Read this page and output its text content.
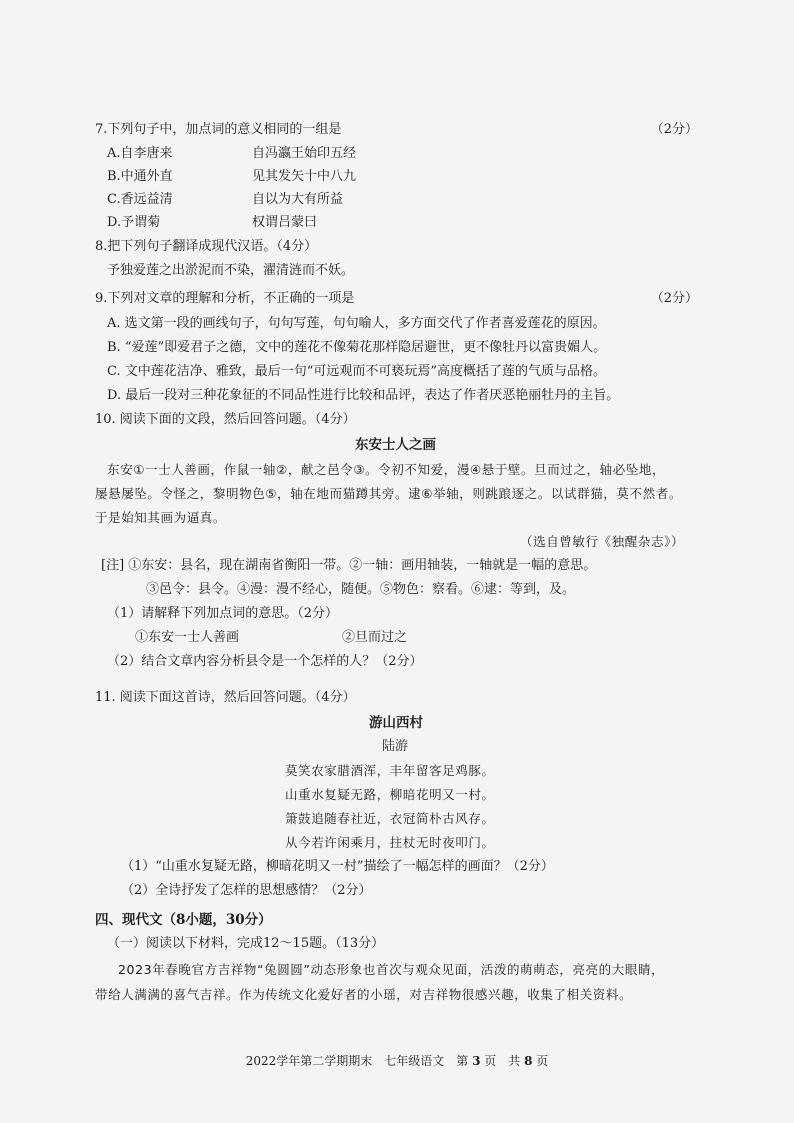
7.下列句子中，加点词的意义相同的一组是	（2分）
A.自李唐来	自冯瀛王始印五经
B.中通外直	见其发矢十中八九
C.香远益清	自以为大有所益
D.予谓菊	权谓吕蒙曰
8.把下列句子翻译成现代汉语。（4分）
予独爱莲之出淤泥而不染，濯清涟而不妖。
9.下列对文章的理解和分析，不正确的一项是	（2分）
A. 选文第一段的画线句子，句句写莲，句句喻人，多方面交代了作者喜爱莲花的原因。
B. “爱莲”即爱君子之德，文中的莲花不像菊花那样隐居避世，更不像牡丹以富贵媚人。
C. 文中莲花洁净、雅致，最后一句“可远观而不可亵玩焉”高度概括了莲的气质与品格。
D. 最后一段对三种花象征的不同品性进行比较和品评，表达了作者厌恶艳丽牡丹的主旨。
10. 阅读下面的文段，然后回答问题。（4分）
东安士人之画
东安①一士人善画，作鼠一轴②，献之邑令③。令初不知爱，漫④悬于壁。旦而过之，轴必坠地，
屡悬屡坠。令怪之，黎明物色⑤，轴在地而猫蹲其旁。逮⑥举轴，则跳踉逐之。以试群猫，莫不然者。
于是始知其画为逼真。
（选自曾敏行《独醒杂志》）
[注] ①东安：县名，现在湖南省衡阳一带。②一轴：画用轴装，一轴就是一幅的意思。
③邑令：县令。④漫：漫不经心，随便。⑤物色：察看。⑥逮：等到，及。
（1）请解释下列加点词的意思。（2分）
①东安一士人善画	②旦而过之
（2）结合文章内容分析县令是一个怎样的人？（2分）
11. 阅读下面这首诗，然后回答问题。（4分）
游山西村
陆游
莫笑农家腊酒浑，丰年留客足鸡豚。
山重水复疑无路，柳暗花明又一村。
箫鼓追随春社近，衣冠简朴古风存。
从今若许闲乘月，拄杖无时夜叩门。
（1）“山重水复疑无路，柳暗花明又一村”描绘了一幅怎样的画面？（2分）
（2）全诗抒发了怎样的思想感情？（2分）
四、现代文（8小题，30分）
（一）阅读以下材料，完成12～15题。（13分）
2023年春晚官方吉祥物“兔圆圆”动态形象也首次与观众见面，活泼的萌萌态，亮亮的大眼睛，
带给人满满的喜气吉祥。作为传统文化爱好者的小瑶，对吉祥物很感兴趣，收集了相关资料。
2022学年第二学期期末　七年级语文　第 3 页　共 8 页
